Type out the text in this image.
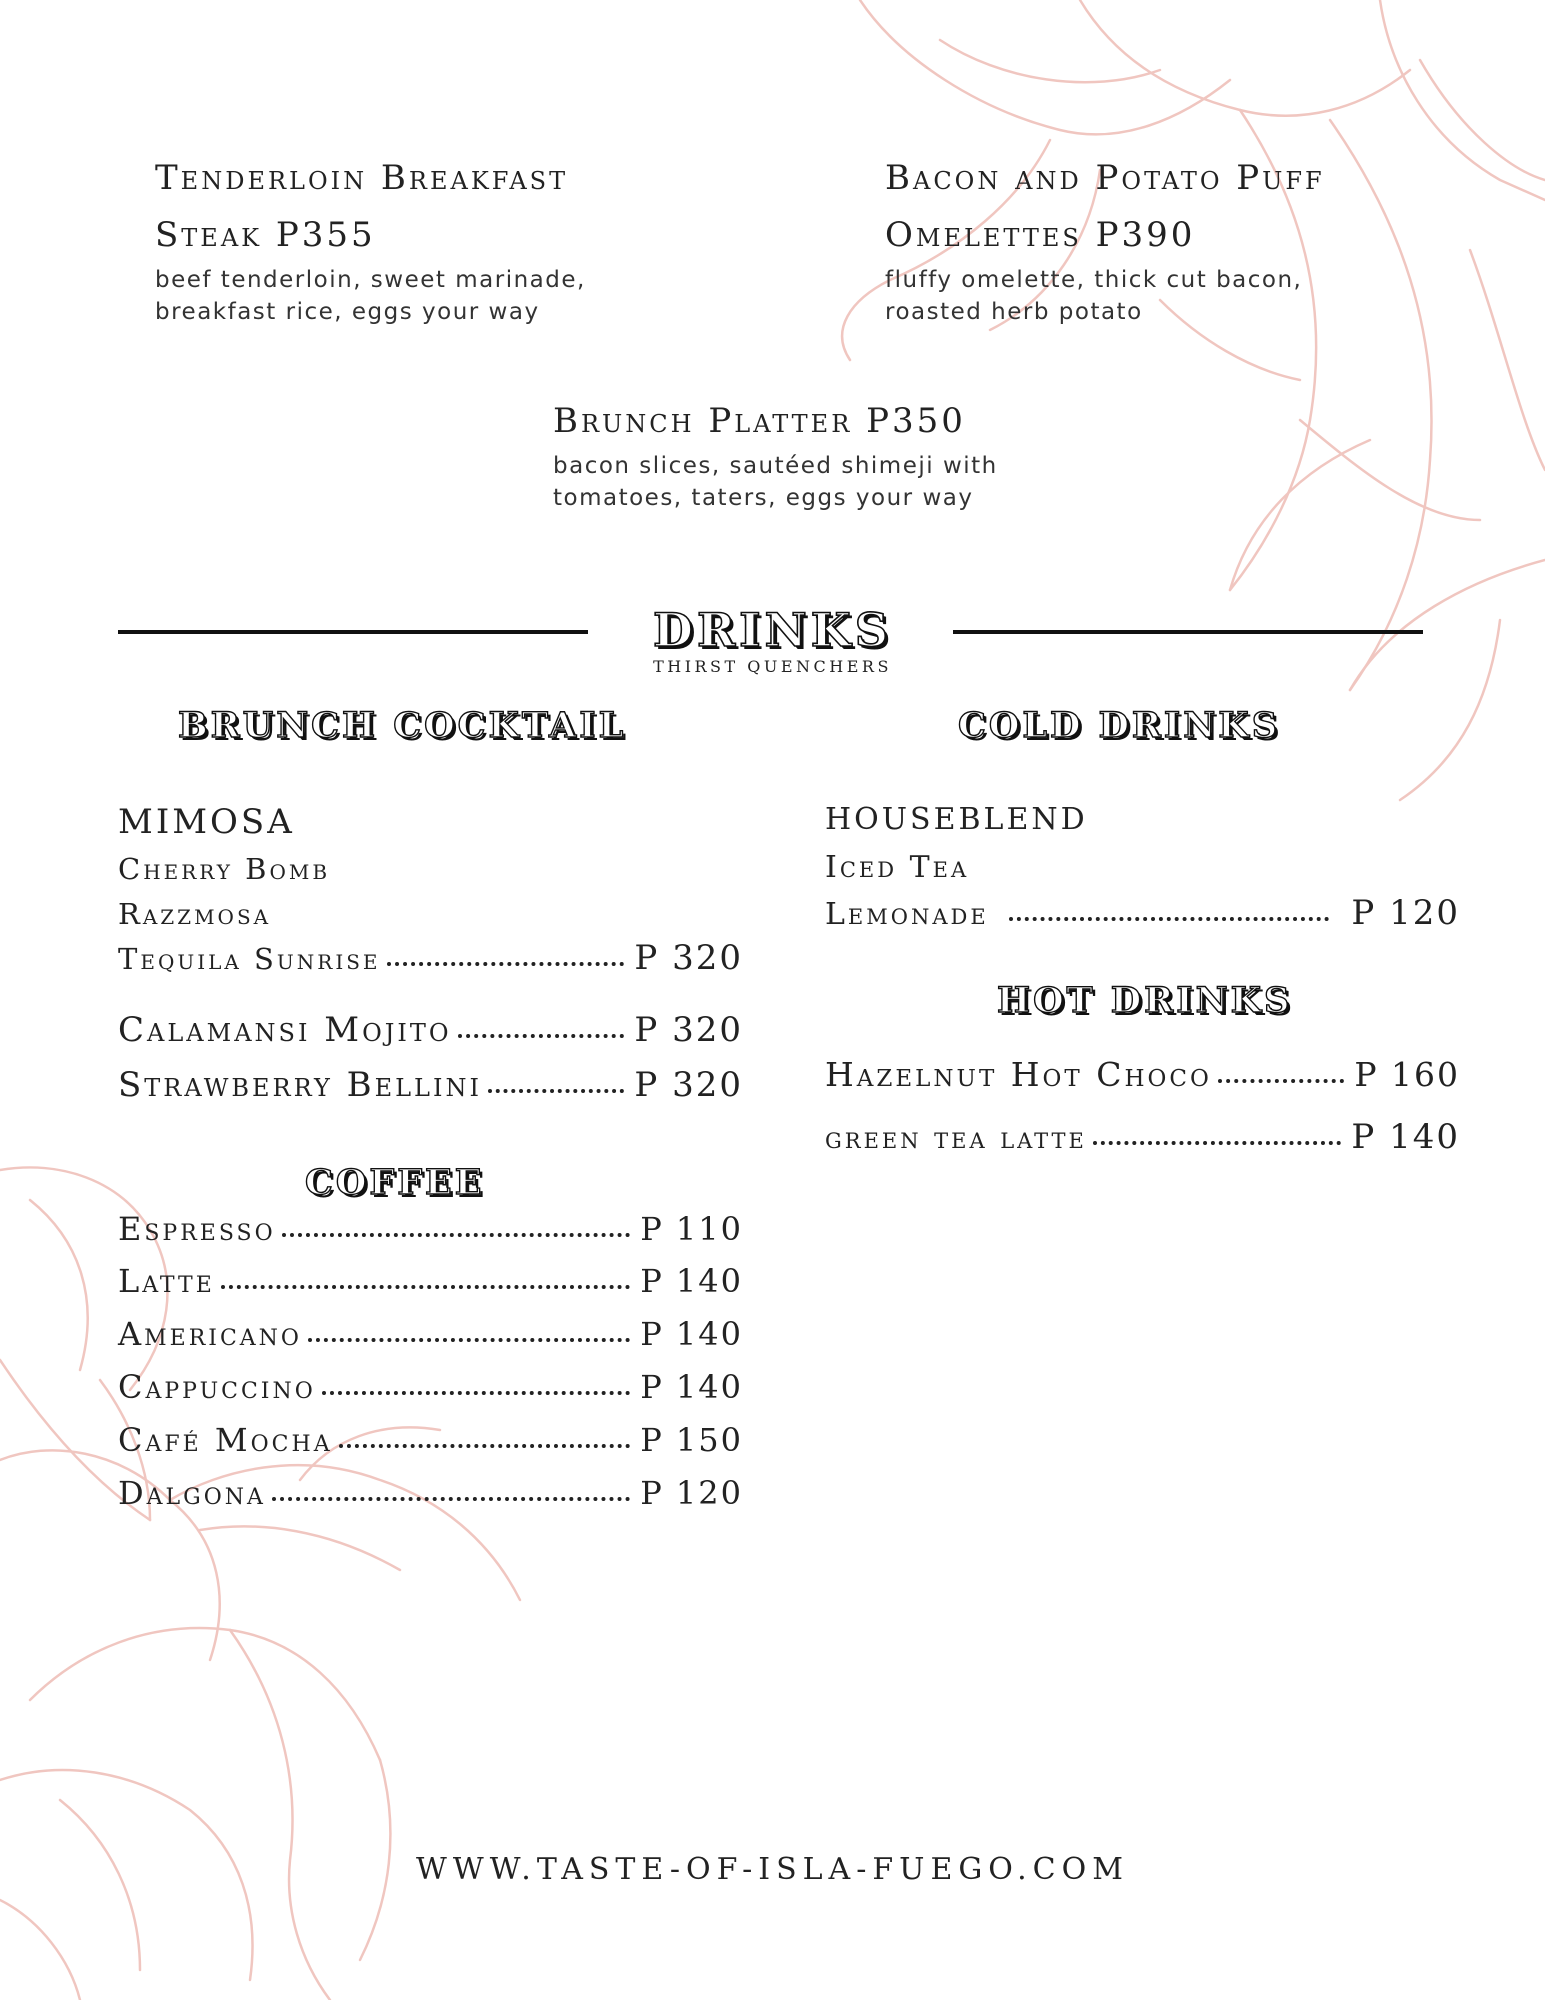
Tenderloin Breakfast
Steak P355
beef tenderloin, sweet marinade,
breakfast rice, eggs your way
Bacon and Potato Puff
Omelettes P390
fluffy omelette, thick cut bacon,
roasted herb potato
Brunch Platter P350
bacon slices, sautéed shimeji with
tomatoes, taters, eggs your way
DRINKS
THIRST QUENCHERS
BRUNCH COCKTAIL
MIMOSA
Cherry Bomb
Razzmosa
Tequila Sunrise	P 320
Calamansi Mojito	P 320
Strawberry Bellini	P 320
COFFEE
Espresso	P 110
Latte	P 140
Americano	P 140
Cappuccino	P 140
Café Mocha	P 150
Dalgona	P 120
COLD DRINKS
HOUSEBLEND
Iced Tea
Lemonade	P 120
HOT DRINKS
Hazelnut Hot Choco	P 160
green tea latte	P 140
WWW.TASTE-OF-ISLA-FUEGO.COM
